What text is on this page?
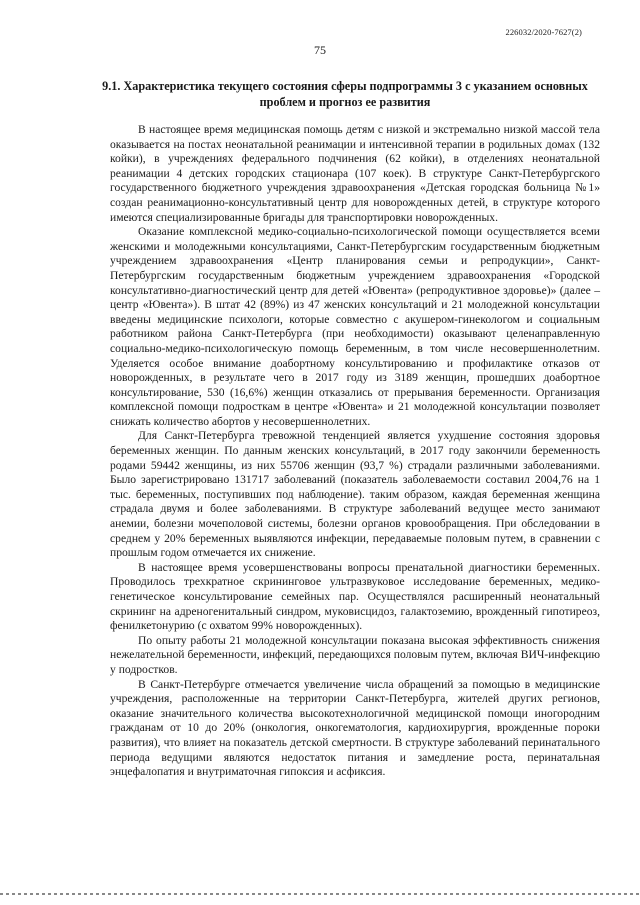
226032/2020-7627(2)
75
9.1. Характеристика текущего состояния сферы подпрограммы 3 с указанием основных проблем и прогноз ее развития

В настоящее время медицинская помощь детям с низкой и экстремально низкой массой тела оказывается на постах неонатальной реанимации и интенсивной терапии в родильных домах (132 койки), в учреждениях федерального подчинения (62 койки), в отделениях неонатальной реанимации 4 детских городских стационара (107 коек). В структуре Санкт-Петербургского государственного бюджетного учреждения здравоохранения «Детская городская больница №1» создан реанимационно-консультативный центр для новорожденных детей, в структуре которого имеются специализированные бригады для транспортировки новорожденных.

Оказание комплексной медико-социально-психологической помощи осуществляется всеми женскими и молодежными консультациями, Санкт-Петербургским государственным бюджетным учреждением здравоохранения «Центр планирования семьи и репродукции», Санкт-Петербургским государственным бюджетным учреждением здравоохранения «Городской консультативно-диагностический центр для детей «Ювента» (репродуктивное здоровье)» (далее – центр «Ювента»). В штат 42 (89%) из 47 женских консультаций и 21 молодежной консультации введены медицинские психологи, которые совместно с акушером-гинекологом и социальным работником района Санкт-Петербурга (при необходимости) оказывают целенаправленную социально-медико-психологическую помощь беременным, в том числе несовершеннолетним. Уделяется особое внимание доабортному консультированию и профилактике отказов от новорожденных, в результате чего в 2017 году из 3189 женщин, прошедших доабортное консультирование, 530 (16,6%) женщин отказались от прерывания беременности. Организация комплексной помощи подросткам в центре «Ювента» и 21 молодежной консультации позволяет снижать количество абортов у несовершеннолетних.

Для Санкт-Петербурга тревожной тенденцией является ухудшение состояния здоровья беременных женщин. По данным женских консультаций, в 2017 году закончили беременность родами 59442 женщины, из них 55706 женщин (93,7 %) страдали различными заболеваниями. Было зарегистрировано 131717 заболеваний (показатель заболеваемости составил 2004,76 на 1 тыс. беременных, поступивших под наблюдение). таким образом, каждая беременная женщина страдала двумя и более заболеваниями. В структуре заболеваний ведущее место занимают анемии, болезни мочеполовой системы, болезни органов кровообращения. При обследовании в среднем у 20% беременных выявляются инфекции, передаваемые половым путем, в сравнении с прошлым годом отмечается их снижение.

В настоящее время усовершенствованы вопросы пренатальной диагностики беременных. Проводилось трехкратное скрининговое ультразвуковое исследование беременных, медико-генетическое консультирование семейных пар. Осуществлялся расширенный неонатальный скрининг на адреногенитальный синдром, муковисцидоз, галактоземию, врожденный гипотиреоз, фенилкетонурию (с охватом 99% новорожденных).

По опыту работы 21 молодежной консультации показана высокая эффективность снижения нежелательной беременности, инфекций, передающихся половым путем, включая ВИЧ-инфекцию у подростков.

В Санкт-Петербурге отмечается увеличение числа обращений за помощью в медицинские учреждения, расположенные на территории Санкт-Петербурга, жителей других регионов, оказание значительного количества высокотехнологичной медицинской помощи иногородним гражданам от 10 до 20% (онкология, онкогематология, кардиохирургия, врожденные пороки развития), что влияет на показатель детской смертности. В структуре заболеваний перинатального периода ведущими являются недостаток питания и замедление роста, перинатальная энцефалопатия и внутриматочная гипоксия и асфиксия.
